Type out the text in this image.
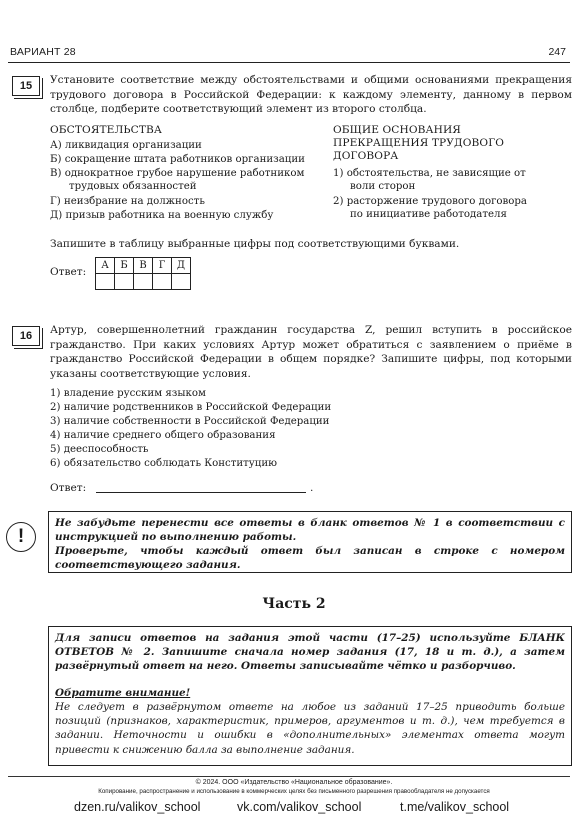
ВАРИАНТ 28	247
15	Установите соответствие между обстоятельствами и общими основаниями прекращения трудового договора в Российской Федерации: к каждому элементу, данному в первом столбце, подберите соответствующий элемент из второго столбца.
ОБСТОЯТЕЛЬСТВА
А) ликвидация организации
Б) сокращение штата работников организации
В) однократное грубое нарушение работником
трудовых обязанностей
Г) неизбрание на должность
Д) призыв работника на военную службу
ОБЩИЕ ОСНОВАНИЯ
ПРЕКРАЩЕНИЯ ТРУДОВОГО
ДОГОВОРА
1) обстоятельства, не зависящие от
воли сторон
2) расторжение трудового договора
по инициативе работодателя
Запишите в таблицу выбранные цифры под соответствующими буквами.
Ответ:
А	Б	В	Г	Д

16	Артур, совершеннолетний гражданин государства Z, решил вступить в российское гражданство. При каких условиях Артур может обратиться с заявлением о приёме в гражданство Российской Федерации в общем порядке? Запишите цифры, под которыми указаны соответствующие условия.
1) владение русским языком
2) наличие родственников в Российской Федерации
3) наличие собственности в Российской Федерации
4) наличие среднего общего образования
5) дееспособность
6) обязательство соблюдать Конституцию
Ответ:	.
!
Не забудьте перенести все ответы в бланк ответов № 1 в соответствии с инструкцией по выполнению работы.
Проверьте, чтобы каждый ответ был записан в строке с номером соответствующего задания.
Часть 2
Для записи ответов на задания этой части (17–25) используйте БЛАНК ОТВЕТОВ № 2. Запишите сначала номер задания (17, 18 и т. д.), а затем развёрнутый ответ на него. Ответы записывайте чётко и разборчиво.
Обратите внимание!
Не следует в развёрнутом ответе на любое из заданий 17–25 приводить больше позиций (признаков, характеристик, примеров, аргументов и т. д.), чем требуется в задании. Неточности и ошибки в «дополнительных» элементах ответа могут привести к снижению балла за выполнение задания.
© 2024. ООО «Издательство «Национальное образование».
Копирование, распространение и использование в коммерческих целях без письменного разрешения правообладателя не допускается
dzen.ru/valikov_school	vk.com/valikov_school	t.me/valikov_school
